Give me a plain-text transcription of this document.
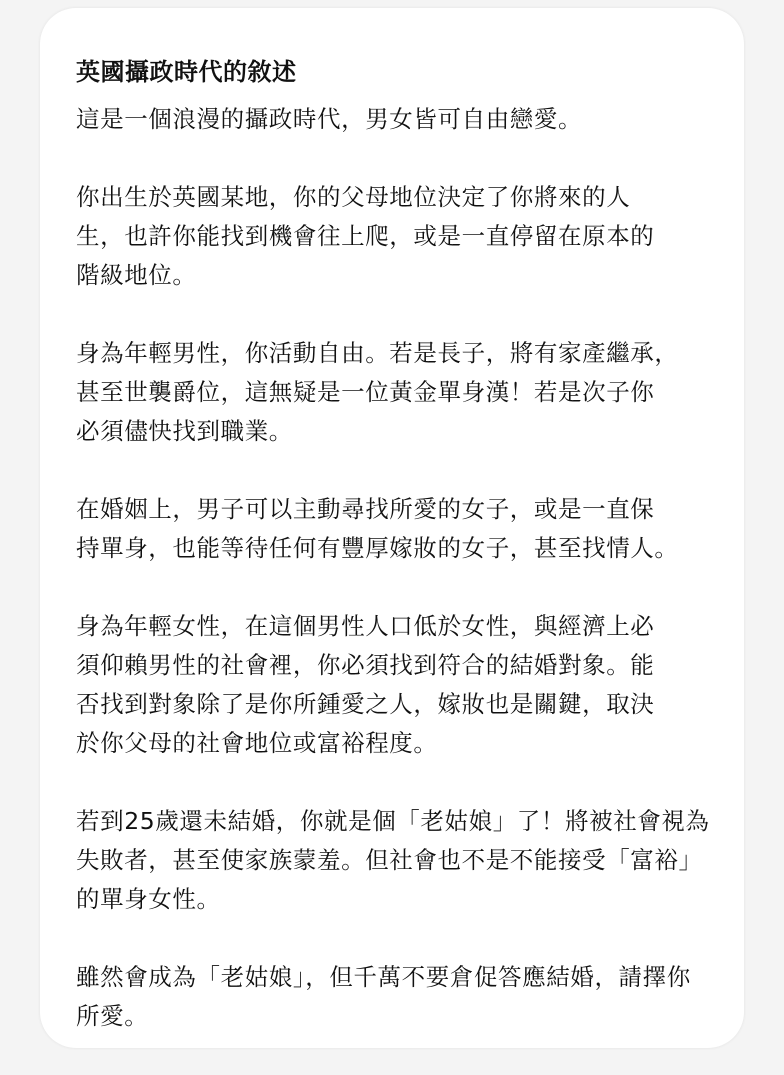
英國攝政時代的敘述
這是一個浪漫的攝政時代，男女皆可自由戀愛。
你出生於英國某地，你的父母地位決定了你將來的人
生，也許你能找到機會往上爬，或是一直停留在原本的
階級地位。
身為年輕男性，你活動自由。若是長子，將有家產繼承，
甚至世襲爵位，這無疑是一位黃金單身漢！若是次子你
必須儘快找到職業。
在婚姻上，男子可以主動尋找所愛的女子，或是一直保
持單身，也能等待任何有豐厚嫁妝的女子，甚至找情人。
身為年輕女性，在這個男性人口低於女性，與經濟上必
須仰賴男性的社會裡，你必須找到符合的結婚對象。能
否找到對象除了是你所鍾愛之人，嫁妝也是關鍵，取決
於你父母的社會地位或富裕程度。
若到25歲還未結婚，你就是個「老姑娘」了！將被社會視為
失敗者，甚至使家族蒙羞。但社會也不是不能接受「富裕」
的單身女性。
雖然會成為「老姑娘」，但千萬不要倉促答應結婚，請擇你
所愛。
